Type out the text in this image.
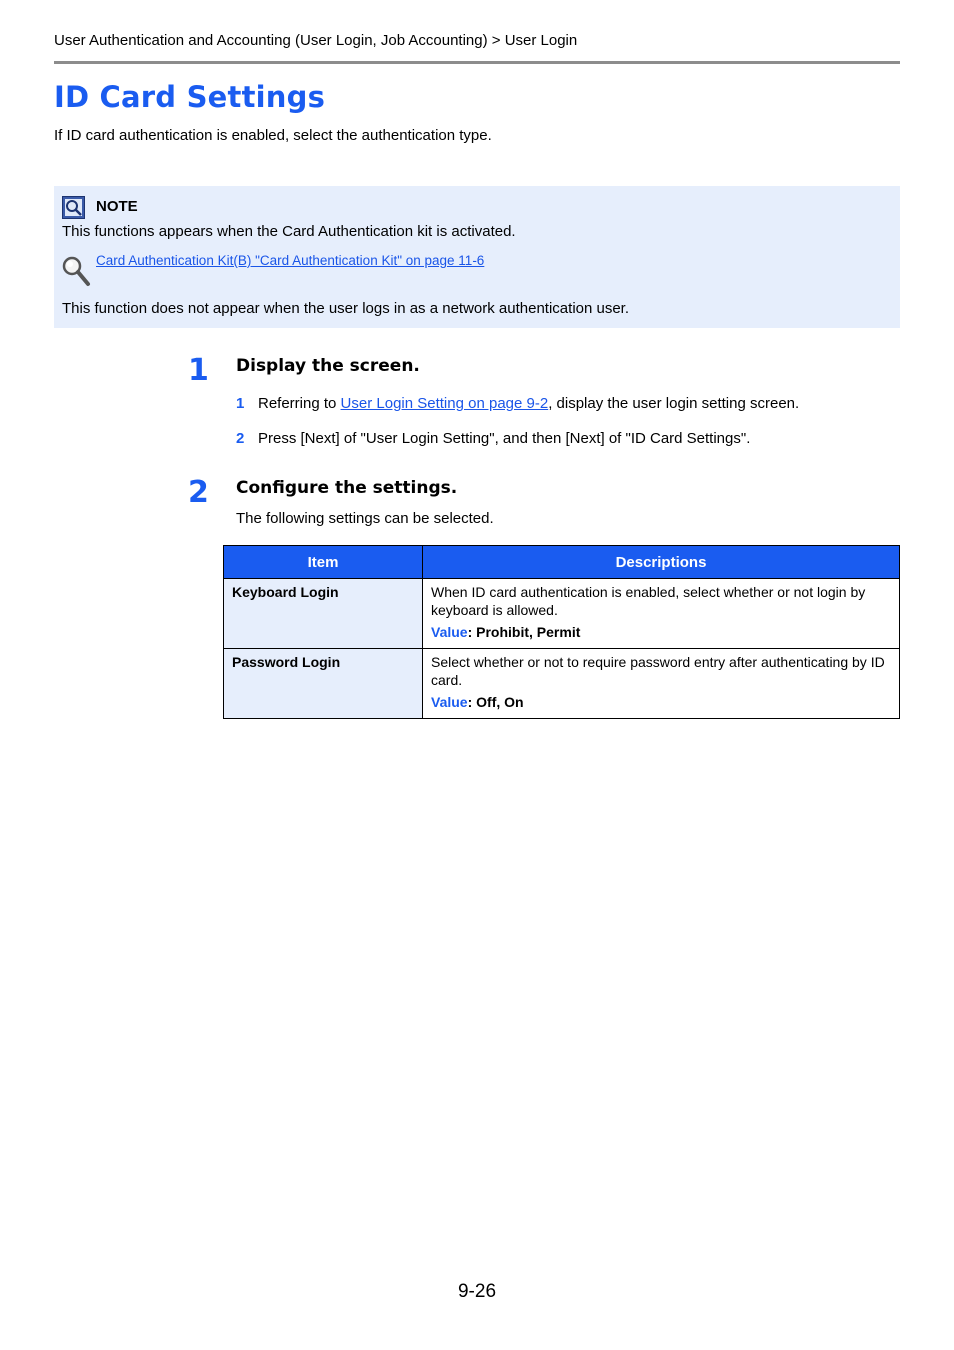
User Authentication and Accounting (User Login, Job Accounting) > User Login
ID Card Settings
If ID card authentication is enabled, select the authentication type.
NOTE
This functions appears when the Card Authentication kit is activated.
Card Authentication Kit(B) "Card Authentication Kit" on page 11-6
This function does not appear when the user logs in as a network authentication user.
1 Display the screen.
1 Referring to User Login Setting on page 9-2, display the user login setting screen.
2 Press [Next] of "User Login Setting", and then [Next] of "ID Card Settings".
2 Configure the settings.
The following settings can be selected.
Item	Descriptions
Keyboard Login	When ID card authentication is enabled, select whether or not login by keyboard is allowed.
Value: Prohibit, Permit

Password Login	Select whether or not to require password entry after authenticating by ID card.
Value: Off, On
9-26
